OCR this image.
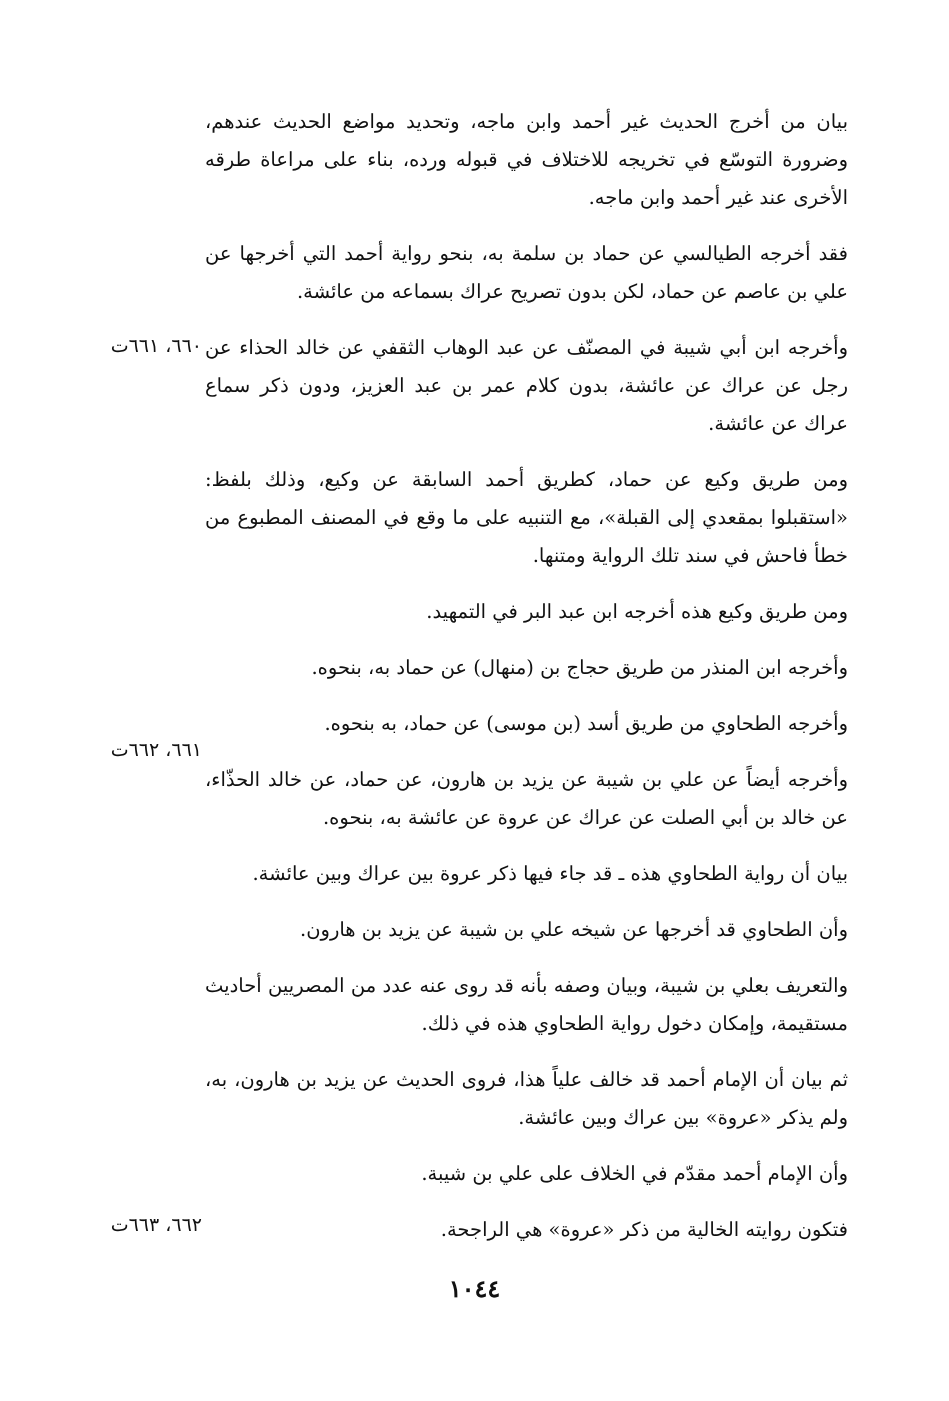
بيان من أخرج الحديث غير أحمد وابن ماجه، وتحديد مواضع الحديث عندهم، وضرورة التوسّع في تخريجه للاختلاف في قبوله ورده، بناء على مراعاة طرقه الأخرى عند غير أحمد وابن ماجه.

فقد أخرجه الطيالسي عن حماد بن سلمة به، بنحو رواية أحمد التي أخرجها عن علي بن عاصم عن حماد، لكن بدون تصريح عراك بسماعه من عائشة.

وأخرجه ابن أبي شيبة في المصنّف عن عبد الوهاب الثقفي عن خالد الحذاء عن رجل عن عراك عن عائشة، بدون كلام عمر بن عبد العزيز، ودون ذكر سماع عراك عن عائشة.

ومن طريق وكيع عن حماد، كطريق أحمد السابقة عن وكيع، وذلك بلفظ: «استقبلوا بمقعدي إلى القبلة»، مع التنبيه على ما وقع في المصنف المطبوع من خطأ فاحش في سند تلك الرواية ومتنها.

ومن طريق وكيع هذه أخرجه ابن عبد البر في التمهيد.

وأخرجه ابن المنذر من طريق حجاج بن (منهال) عن حماد به، بنحوه.

وأخرجه الطحاوي من طريق أسد (بن موسى) عن حماد، به بنحوه.

وأخرجه أيضاً عن علي بن شيبة عن يزيد بن هارون، عن حماد، عن خالد الحذّاء، عن خالد بن أبي الصلت عن عراك عن عروة عن عائشة به، بنحوه.

بيان أن رواية الطحاوي هذه ـ قد جاء فيها ذكر عروة بين عراك وبين عائشة.

وأن الطحاوي قد أخرجها عن شيخه علي بن شيبة عن يزيد بن هارون.

والتعريف بعلي بن شيبة، وبيان وصفه بأنه قد روى عنه عدد من المصريين أحاديث مستقيمة، وإمكان دخول رواية الطحاوي هذه في ذلك.

ثم بيان أن الإمام أحمد قد خالف علياً هذا، فروى الحديث عن يزيد بن هارون، به، ولم يذكر «عروة» بين عراك وبين عائشة.

وأن الإمام أحمد مقدّم في الخلاف على علي بن شيبة.

فتكون روايته الخالية من ذكر «عروة» هي الراجحة.

٦٦٠، ٦٦١ت
٦٦١، ٦٦٢ت
٦٦٢، ٦٦٣ت
١٠٤٤
